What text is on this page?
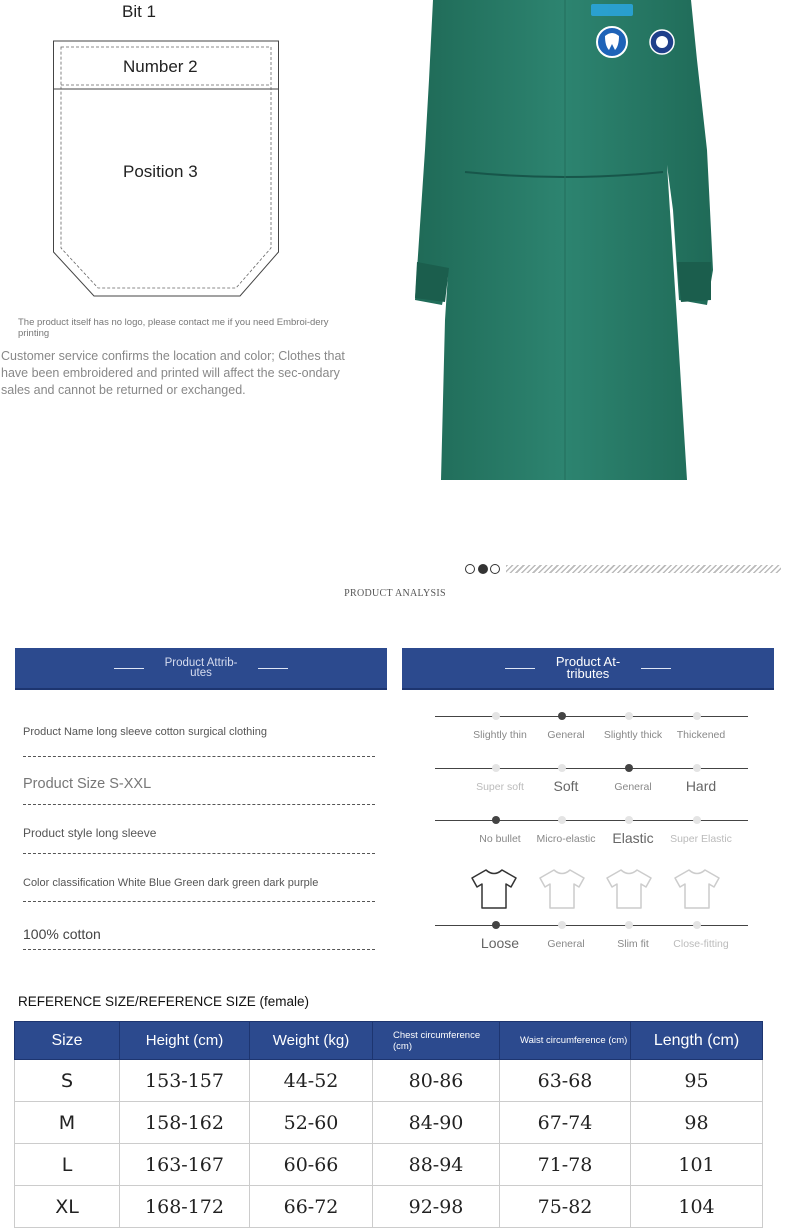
Bit 1
Number 2
Position 3
The product itself has no logo, please contact me if you need Embroi-dery printing
Customer service confirms the location and color; Clothes that have been embroidered and printed will affect the sec-ondary sales and cannot be returned or exchanged.
PRODUCT ANALYSIS
Product Attrib-utes
Product At-tributes
Product Name long sleeve cotton surgical clothing
Product Size S-XXL
Product style long sleeve
Color classification White Blue Green dark green dark purple
100% cotton
Slightly thin General Slightly thick Thickened
Super soft Soft	General Hard
No bullet Micro-elastic Elastic Super Elastic
Loose	General	Slim fit Close-fitting
REFERENCE SIZE/REFERENCE SIZE (female)
Size	Height (cm)	Weight (kg)	Chest circumference (cm)	Waist circumference (cm)	Length (cm)
S	153-157	44-52	80-86	63-68	95
M	158-162	52-60	84-90	67-74	98
L	163-167	60-66	88-94	71-78	101
XL	168-172	66-72	92-98	75-82	104
